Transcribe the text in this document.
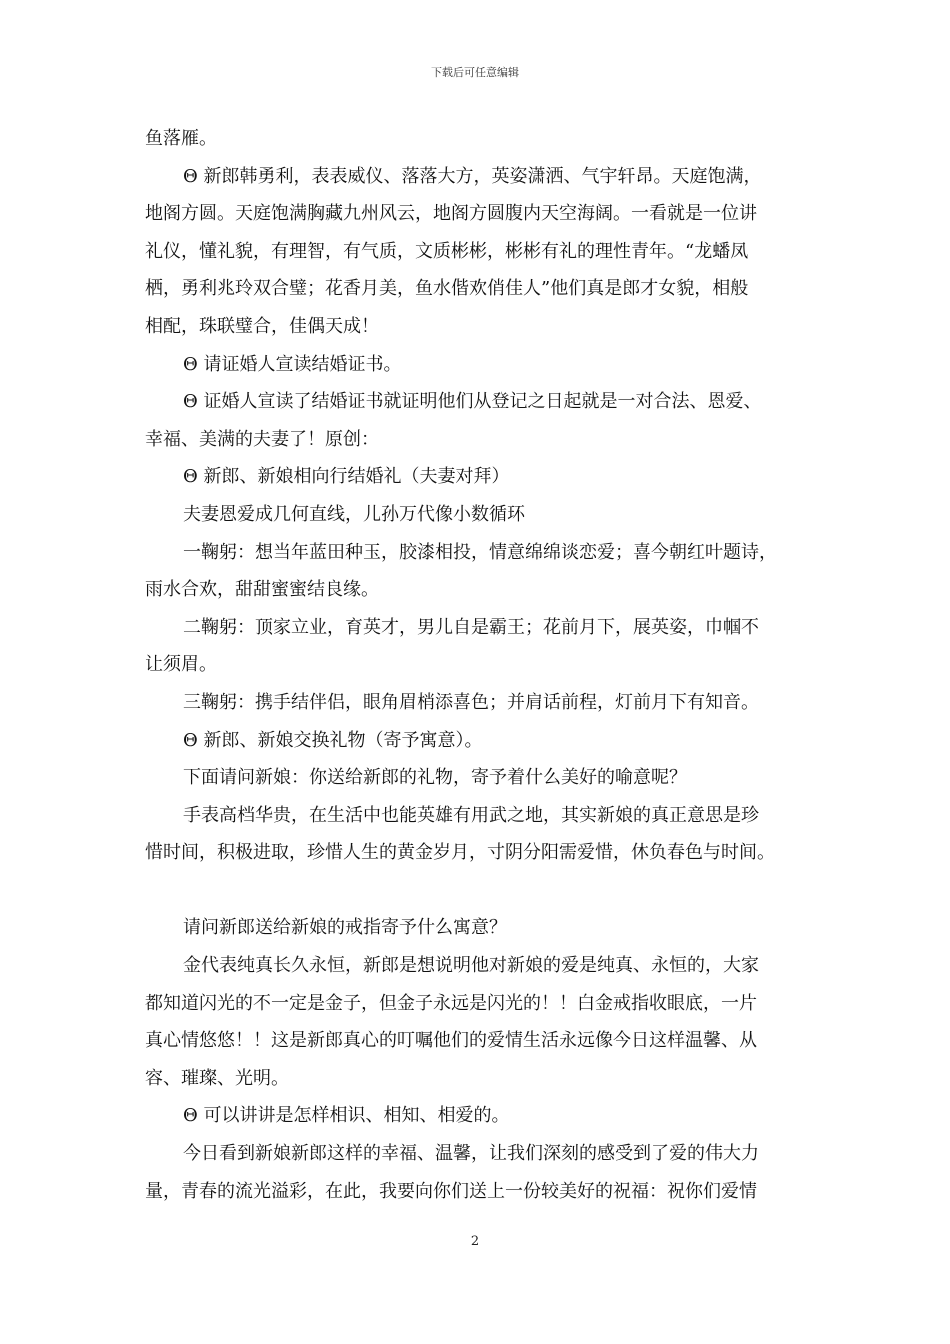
下载后可任意编辑
鱼落雁。
Θ 新郎韩勇利，表表威仪、落落大方，英姿潇洒、气宇轩昂。天庭饱满，
地阁方圆。天庭饱满胸藏九州风云，地阁方圆腹内天空海阔。一看就是一位讲
礼仪，懂礼貌，有理智，有气质，文质彬彬，彬彬有礼的理性青年。“龙蟠凤
栖，勇利兆玲双合璧；花香月美，鱼水偕欢俏佳人”他们真是郎才女貌，相般
相配，珠联璧合，佳偶天成！
Θ 请证婚人宣读结婚证书。
Θ 证婚人宣读了结婚证书就证明他们从登记之日起就是一对合法、恩爱、
幸福、美满的夫妻了！原创：
Θ 新郎、新娘相向行结婚礼（夫妻对拜）
夫妻恩爱成几何直线，儿孙万代像小数循环
一鞠躬：想当年蓝田种玉，胶漆相投，情意绵绵谈恋爱；喜今朝红叶题诗，
雨水合欢，甜甜蜜蜜结良缘。
二鞠躬：顶家立业，育英才，男儿自是霸王；花前月下，展英姿，巾帼不
让须眉。
三鞠躬：携手结伴侣，眼角眉梢添喜色；并肩话前程，灯前月下有知音。
Θ 新郎、新娘交换礼物（寄予寓意）。
下面请问新娘：你送给新郎的礼物，寄予着什么美好的喻意呢？
手表高档华贵，在生活中也能英雄有用武之地，其实新娘的真正意思是珍
惜时间，积极进取，珍惜人生的黄金岁月，寸阴分阳需爱惜，休负春色与时间。
请问新郎送给新娘的戒指寄予什么寓意？
金代表纯真长久永恒，新郎是想说明他对新娘的爱是纯真、永恒的，大家
都知道闪光的不一定是金子，但金子永远是闪光的！！白金戒指收眼底，一片
真心情悠悠！！这是新郎真心的叮嘱他们的爱情生活永远像今日这样温馨、从
容、璀璨、光明。
Θ 可以讲讲是怎样相识、相知、相爱的。
今日看到新娘新郎这样的幸福、温馨，让我们深刻的感受到了爱的伟大力
量，青春的流光溢彩，在此，我要向你们送上一份较美好的祝福：祝你们爱情
2
